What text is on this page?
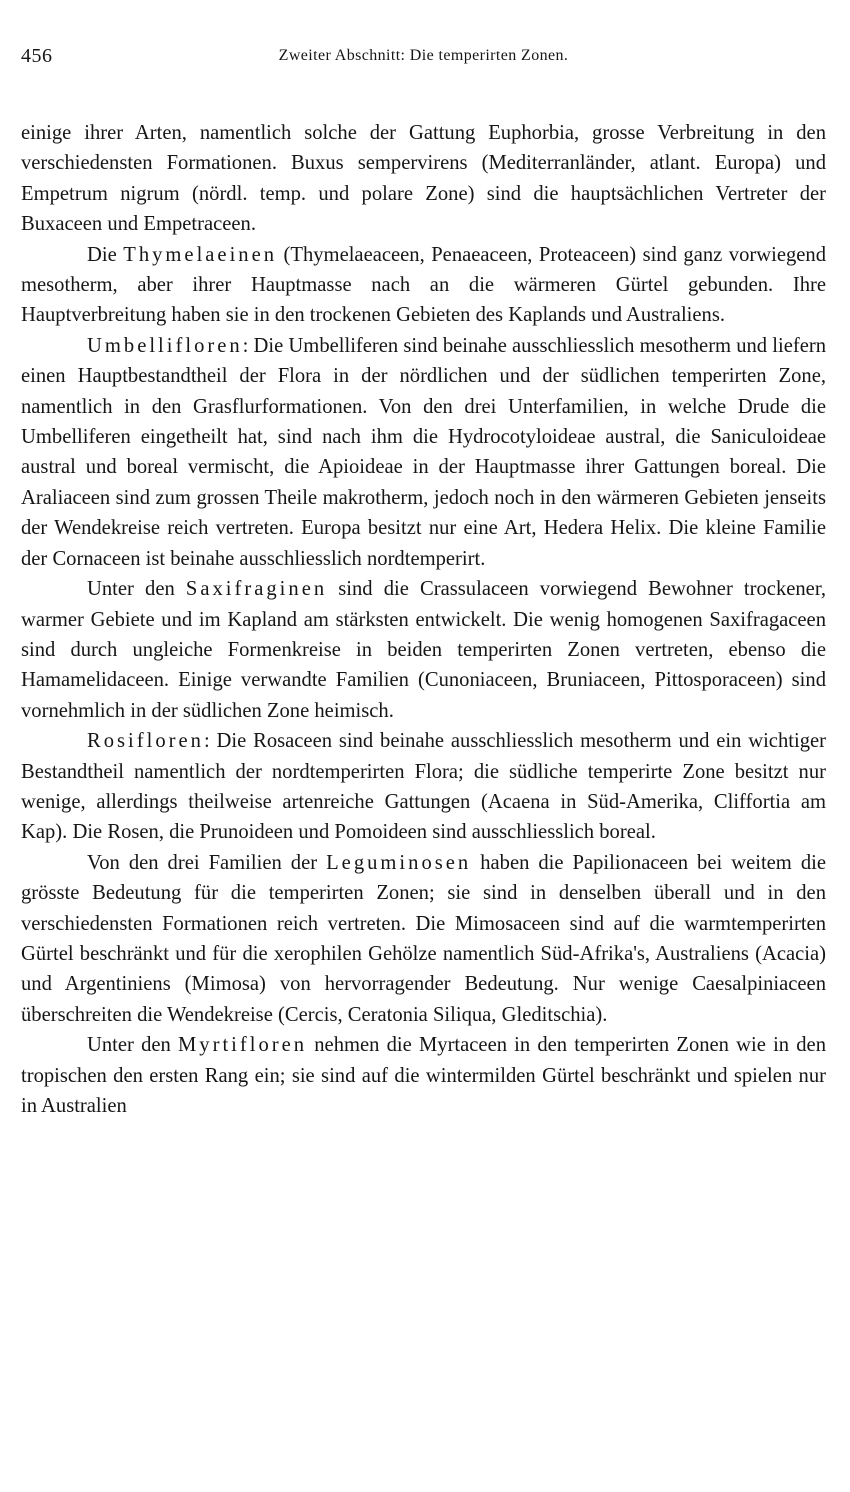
456	Zweiter Abschnitt: Die temperirten Zonen.

einige ihrer Arten, namentlich solche der Gattung Euphorbia, grosse Verbreitung in den verschiedensten Formationen. Buxus sempervirens (Mediterranländer, atlant. Europa) und Empetrum nigrum (nördl. temp. und polare Zone) sind die hauptsächlichen Vertreter der Buxaceen und Empetraceen.

Die Thymelaeinen (Thymelaeaceen, Penaeaceen, Proteaceen) sind ganz vorwiegend mesotherm, aber ihrer Hauptmasse nach an die wärmeren Gürtel gebunden. Ihre Hauptverbreitung haben sie in den trockenen Gebieten des Kaplands und Australiens.

Umbellifloren: Die Umbelliferen sind beinahe ausschliesslich mesotherm und liefern einen Hauptbestandtheil der Flora in der nördlichen und der südlichen temperirten Zone, namentlich in den Grasflurformationen. Von den drei Unterfamilien, in welche Drude die Umbelliferen eingetheilt hat, sind nach ihm die Hydrocotyloideae austral, die Saniculoideae austral und boreal vermischt, die Apioideae in der Hauptmasse ihrer Gattungen boreal. Die Araliaceen sind zum grossen Theile makrotherm, jedoch noch in den wärmeren Gebieten jenseits der Wendekreise reich vertreten. Europa besitzt nur eine Art, Hedera Helix. Die kleine Familie der Cornaceen ist beinahe ausschliesslich nordtemperirt.

Unter den Saxifraginen sind die Crassulaceen vorwiegend Bewohner trockener, warmer Gebiete und im Kapland am stärksten entwickelt. Die wenig homogenen Saxifragaceen sind durch ungleiche Formenkreise in beiden temperirten Zonen vertreten, ebenso die Hamamelidaceen. Einige verwandte Familien (Cunoniaceen, Bruniaceen, Pittosporaceen) sind vornehmlich in der südlichen Zone heimisch.

Rosifloren: Die Rosaceen sind beinahe ausschliesslich mesotherm und ein wichtiger Bestandtheil namentlich der nordtemperirten Flora; die südliche temperirte Zone besitzt nur wenige, allerdings theilweise artenreiche Gattungen (Acaena in Süd-Amerika, Cliffortia am Kap). Die Rosen, die Prunoideen und Pomoideen sind ausschliesslich boreal.

Von den drei Familien der Leguminosen haben die Papilionaceen bei weitem die grösste Bedeutung für die temperirten Zonen; sie sind in denselben überall und in den verschiedensten Formationen reich vertreten. Die Mimosaceen sind auf die warmtemperirten Gürtel beschränkt und für die xerophilen Gehölze namentlich Süd-Afrika's, Australiens (Acacia) und Argentiniens (Mimosa) von hervorragender Bedeutung. Nur wenige Caesalpiniaceen überschreiten die Wendekreise (Cercis, Ceratonia Siliqua, Gleditschia).

Unter den Myrtifloren nehmen die Myrtaceen in den temperirten Zonen wie in den tropischen den ersten Rang ein; sie sind auf die wintermilden Gürtel beschränkt und spielen nur in Australien
